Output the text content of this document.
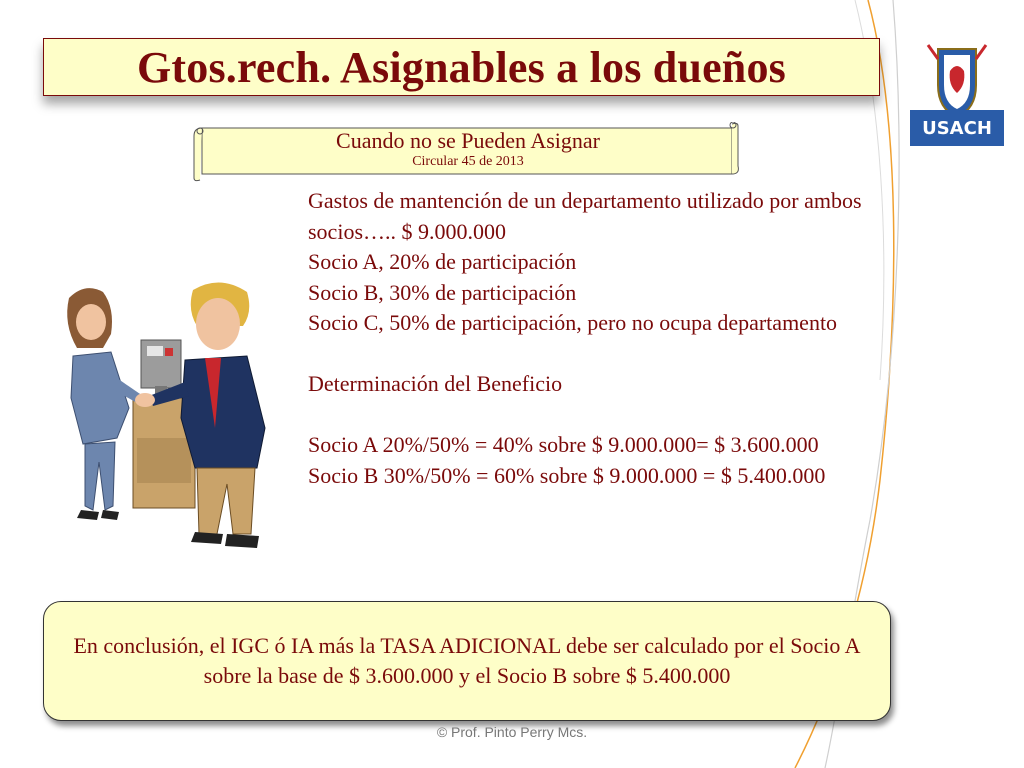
Gtos.rech. Asignables a los dueños
Cuando no se Pueden Asignar
Circular 45 de 2013

Gastos de mantención de un departamento utilizado por ambos socios….. $ 9.000.000

Socio A, 20% de participación

Socio B, 30% de participación

Socio C, 50% de participación, pero no ocupa departamento

Determinación del Beneficio

Socio A 20%/50% = 40% sobre $ 9.000.000= $ 3.600.000

Socio B 30%/50% = 60% sobre $ 9.000.000 = $ 5.400.000

USACH
En conclusión, el IGC ó IA más la TASA ADICIONAL debe ser calculado por el Socio A sobre la base de $ 3.600.000 y el Socio B sobre $ 5.400.000
© Prof. Pinto Perry Mcs.
